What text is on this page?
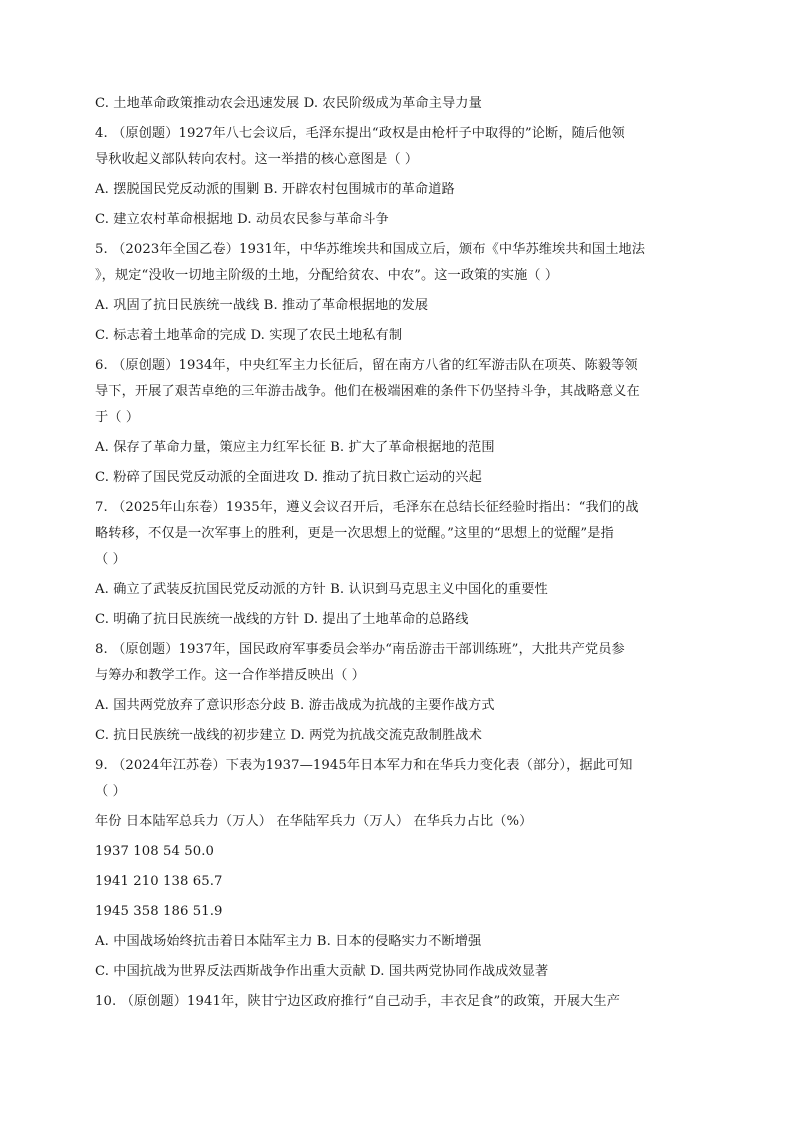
C. 土地革命政策推动农会迅速发展 D. 农民阶级成为革命主导力量
4. （原创题）1927年八七会议后，毛泽东提出“政权是由枪杆子中取得的”论断，随后他领
导秋收起义部队转向农村。这一举措的核心意图是（ ）
A. 摆脱国民党反动派的围剿 B. 开辟农村包围城市的革命道路
C. 建立农村革命根据地 D. 动员农民参与革命斗争
5. （2023年全国乙卷）1931年，中华苏维埃共和国成立后，颁布《中华苏维埃共和国土地法
》，规定“没收一切地主阶级的土地，分配给贫农、中农”。这一政策的实施（ ）
A. 巩固了抗日民族统一战线 B. 推动了革命根据地的发展
C. 标志着土地革命的完成 D. 实现了农民土地私有制
6. （原创题）1934年，中央红军主力长征后，留在南方八省的红军游击队在项英、陈毅等领
导下，开展了艰苦卓绝的三年游击战争。他们在极端困难的条件下仍坚持斗争，其战略意义在
于（ ）
A. 保存了革命力量，策应主力红军长征 B. 扩大了革命根据地的范围
C. 粉碎了国民党反动派的全面进攻 D. 推动了抗日救亡运动的兴起
7. （2025年山东卷）1935年，遵义会议召开后，毛泽东在总结长征经验时指出：“我们的战
略转移，不仅是一次军事上的胜利，更是一次思想上的觉醒。”这里的“思想上的觉醒”是指
（ ）
A. 确立了武装反抗国民党反动派的方针 B. 认识到马克思主义中国化的重要性
C. 明确了抗日民族统一战线的方针 D. 提出了土地革命的总路线
8. （原创题）1937年，国民政府军事委员会举办“南岳游击干部训练班”，大批共产党员参
与筹办和教学工作。这一合作举措反映出（ ）
A. 国共两党放弃了意识形态分歧 B. 游击战成为抗战的主要作战方式
C. 抗日民族统一战线的初步建立 D. 两党为抗战交流克敌制胜战术
9. （2024年江苏卷）下表为1937—1945年日本军力和在华兵力变化表（部分），据此可知
（ ）
年份 日本陆军总兵力（万人） 在华陆军兵力（万人） 在华兵力占比（%）
1937 108 54 50.0
1941 210 138 65.7
1945 358 186 51.9
A. 中国战场始终抗击着日本陆军主力 B. 日本的侵略实力不断增强
C. 中国抗战为世界反法西斯战争作出重大贡献 D. 国共两党协同作战成效显著
10. （原创题）1941年，陕甘宁边区政府推行“自己动手，丰衣足食”的政策，开展大生产
